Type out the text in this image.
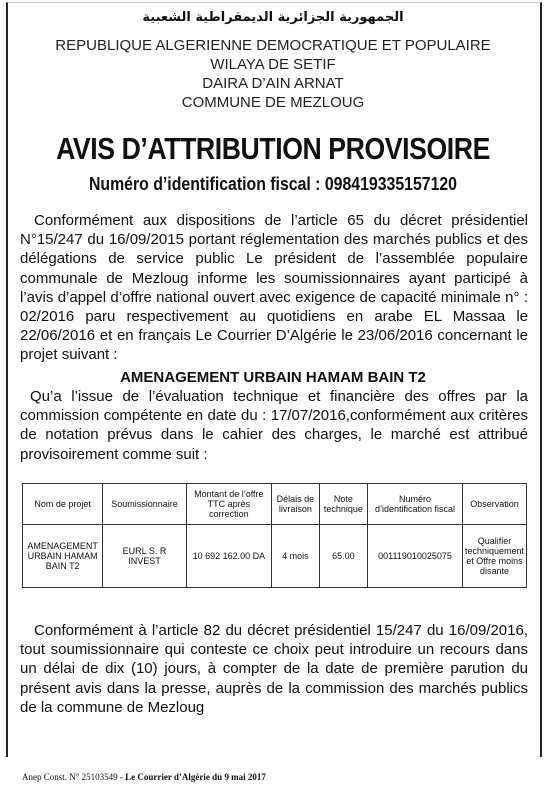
الجمهورية الجزائرية الديمقراطية الشعبية
REPUBLIQUE ALGERIENNE DEMOCRATIQUE ET POPULAIRE
WILAYA DE SETIF
DAIRA D’AIN ARNAT
COMMUNE DE MEZLOUG
AVIS D’ATTRIBUTION PROVISOIRE
Numéro d’identification fiscal : 098419335157120
Conformément aux dispositions de l’article 65 du décret présidentiel N°15/247 du 16/09/2015 portant réglementation des marchés publics et des délégations de service public Le président de l’assemblée populaire communale de Mezloug informe les soumissionnaires ayant participé à l’avis d’appel d’offre national ouvert avec exigence de capacité minimale n° : 02/2016 paru respectivement au quotidiens en arabe EL Massaa le 22/06/2016 et en français Le Courrier D’Algérie le 23/06/2016 concernant le projet suivant :
AMENAGEMENT URBAIN HAMAM BAIN T2
Qu’a l’issue de l’évaluation technique et financière des offres par la commission compétente en date du : 17/07/2016,conformément aux critères de notation prévus dans le cahier des charges, le marché est attribué provisoirement comme suit :
Nom de projet	Soumissionnaire	Montant de l’offre TTC après correction	Délais de livraison	Note technique	Numéro d’identification fiscal	Observation
AMENAGEMENT URBAIN HAMAM BAIN T2	EURL S. R INVEST	10 692 162.00 DA	4 mois	65.00	001119010025075	Qualifier techniquement et Offre moins disante
Conformément à l’article 82 du décret présidentiel 15/247 du 16/09/2016, tout soumissionnaire qui conteste ce choix peut introduire un recours dans un délai de dix (10) jours, à compter de la date de première parution du présent avis dans la presse, auprès de la commission des marchés publics de la commune de Mezloug
Anep Const. N° 25103549 - Le Courrier d’Algérie du 9 mai 2017
